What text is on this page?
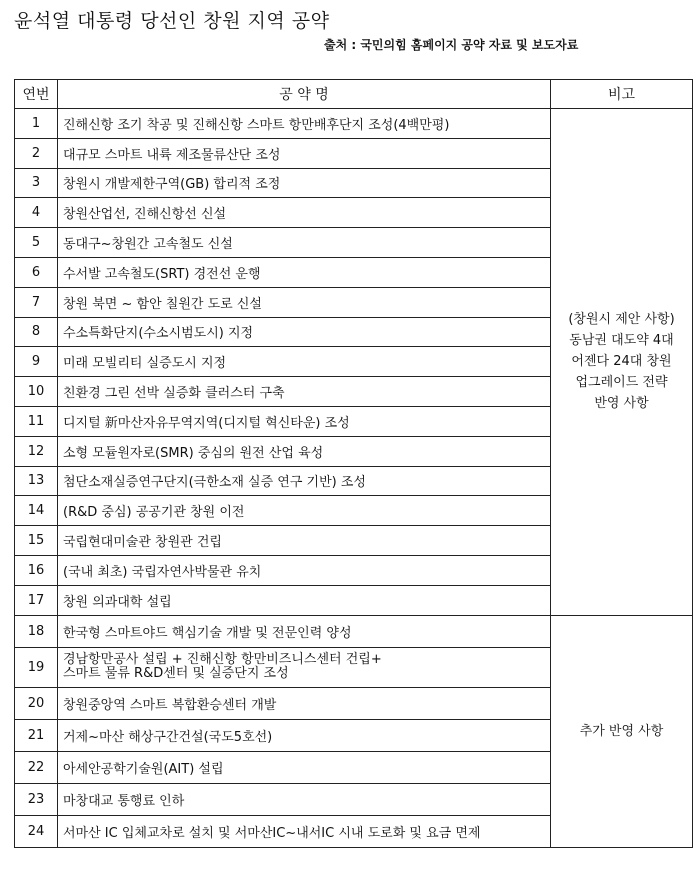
윤석열 대통령 당선인 창원 지역 공약
출처 : 국민의힘 홈페이지 공약 자료 및 보도자료
연번	공 약 명	비고
1	진해신항 조기 착공 및 진해신항 스마트 항만배후단지 조성(4백만평)	(창원시 제안 사항)
동남권 대도약 4대
어젠다 24대 창원
업그레이드 전략
반영 사항

2	대규모 스마트 내륙 제조물류산단 조성	
3	창원시 개발제한구역(GB) 합리적 조정	
4	창원산업선, 진해신항선 신설	
5	동대구~창원간 고속철도 신설	
6	수서발 고속철도(SRT) 경전선 운행	
7	창원 북면 ~ 함안 칠원간 도로 신설	
8	수소특화단지(수소시범도시) 지정	
9	미래 모빌리티 실증도시 지정	
10	친환경 그린 선박 실증화 클러스터 구축	
11	디지털 新마산자유무역지역(디지털 혁신타운) 조성	
12	소형 모듈원자로(SMR) 중심의 원전 산업 육성	
13	첨단소재실증연구단지(극한소재 실증 연구 기반) 조성	
14	(R&D 중심) 공공기관 창원 이전	
15	국립현대미술관 창원관 건립	
16	(국내 최초) 국립자연사박물관 유치	
17	창원 의과대학 설립	
18	한국형 스마트야드 핵심기술 개발 및 전문인력 양성	추가 반영 사항
19	경남항만공사 설립 + 진해신항 항만비즈니스센터 건립+
스마트 물류 R&D센터 및 실증단지 조성	

20	창원중앙역 스마트 복합환승센터 개발	
21	거제~마산 해상구간건설(국도5호선)	
22	아세안공학기술원(AIT) 설립	
23	마창대교 통행료 인하	
24	서마산 IC 입체교차로 설치 및 서마산IC~내서IC 시내 도로화 및 요금 면제	
